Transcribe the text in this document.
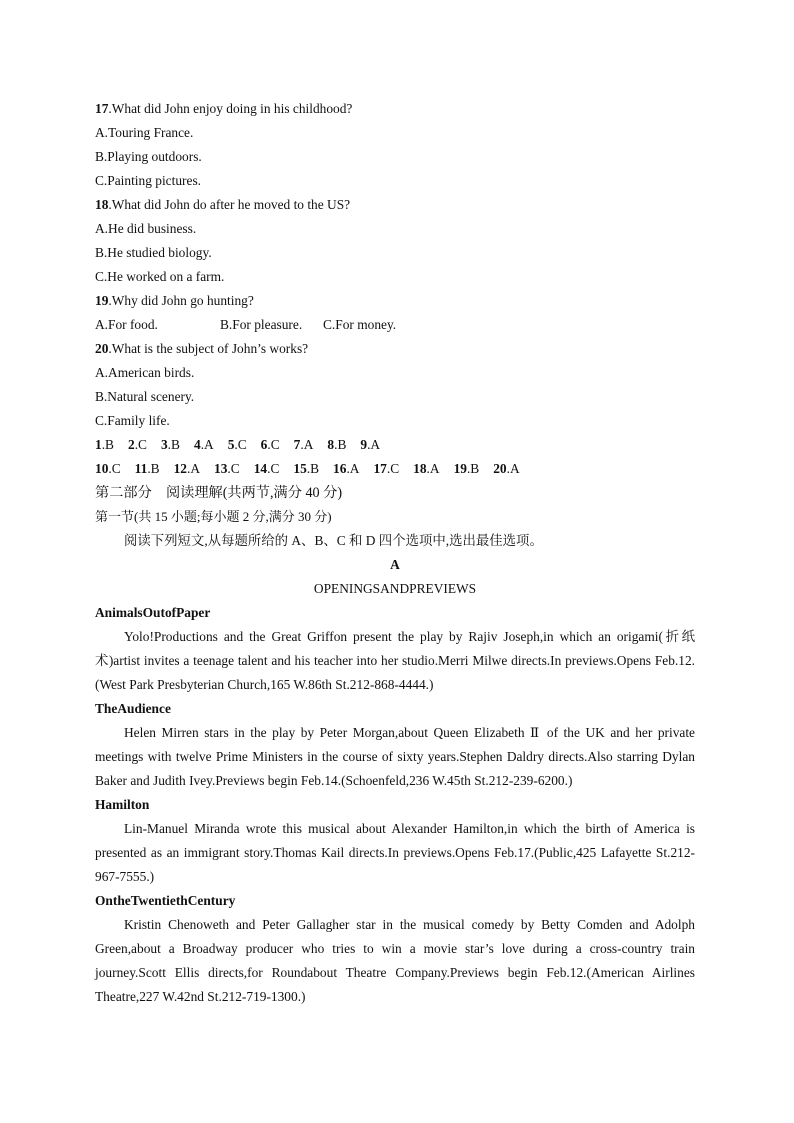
17.What did John enjoy doing in his childhood?
A.Touring France.
B.Playing outdoors.
C.Painting pictures.
18.What did John do after he moved to the US?
A.He did business.
B.He studied biology.
C.He worked on a farm.
19.Why did John go hunting?
A.For food.	B.For pleasure. C.For money.
20.What is the subject of John’s works?
A.American birds.
B.Natural scenery.
C.Family life.
1.B 2.C 3.B 4.A 5.C 6.C 7.A 8.B 9.A
10.C 11.B 12.A 13.C 14.C 15.B 16.A 17.C 18.A 19.B 20.A
第二部分　阅读理解(共两节,满分 40 分)
第一节(共 15 小题;每小题 2 分,满分 30 分)
阅读下列短文,从每题所给的 A、B、C 和 D 四个选项中,选出最佳选项。
A
OPENINGSANDPREVIEWS
AnimalsOutofPaper

Yolo!Productions and the Great Griffon present the play by Rajiv Joseph,in which an origami(折纸术)artist invites a teenage talent and his teacher into her studio.Merri Milwe directs.In previews.Opens Feb.12.(West Park Presbyterian Church,165 W.86th St.212-868-4444.)

TheAudience

Helen Mirren stars in the play by Peter Morgan,about Queen Elizabeth Ⅱ of the UK and her private meetings with twelve Prime Ministers in the course of sixty years.Stephen Daldry directs.Also starring Dylan Baker and Judith Ivey.Previews begin Feb.14.(Schoenfeld,236 W.45th St.212-239-6200.)

Hamilton

Lin-Manuel Miranda wrote this musical about Alexander Hamilton,in which the birth of America is presented as an immigrant story.Thomas Kail directs.In previews.Opens Feb.17.(Public,425 Lafayette St.212-967-7555.)

OntheTwentiethCentury

Kristin Chenoweth and Peter Gallagher star in the musical comedy by Betty Comden and Adolph Green,about a Broadway producer who tries to win a movie star’s love during a cross-country train journey.Scott Ellis directs,for Roundabout Theatre Company.Previews begin Feb.12.(American Airlines Theatre,227 W.42nd St.212-719-1300.)
